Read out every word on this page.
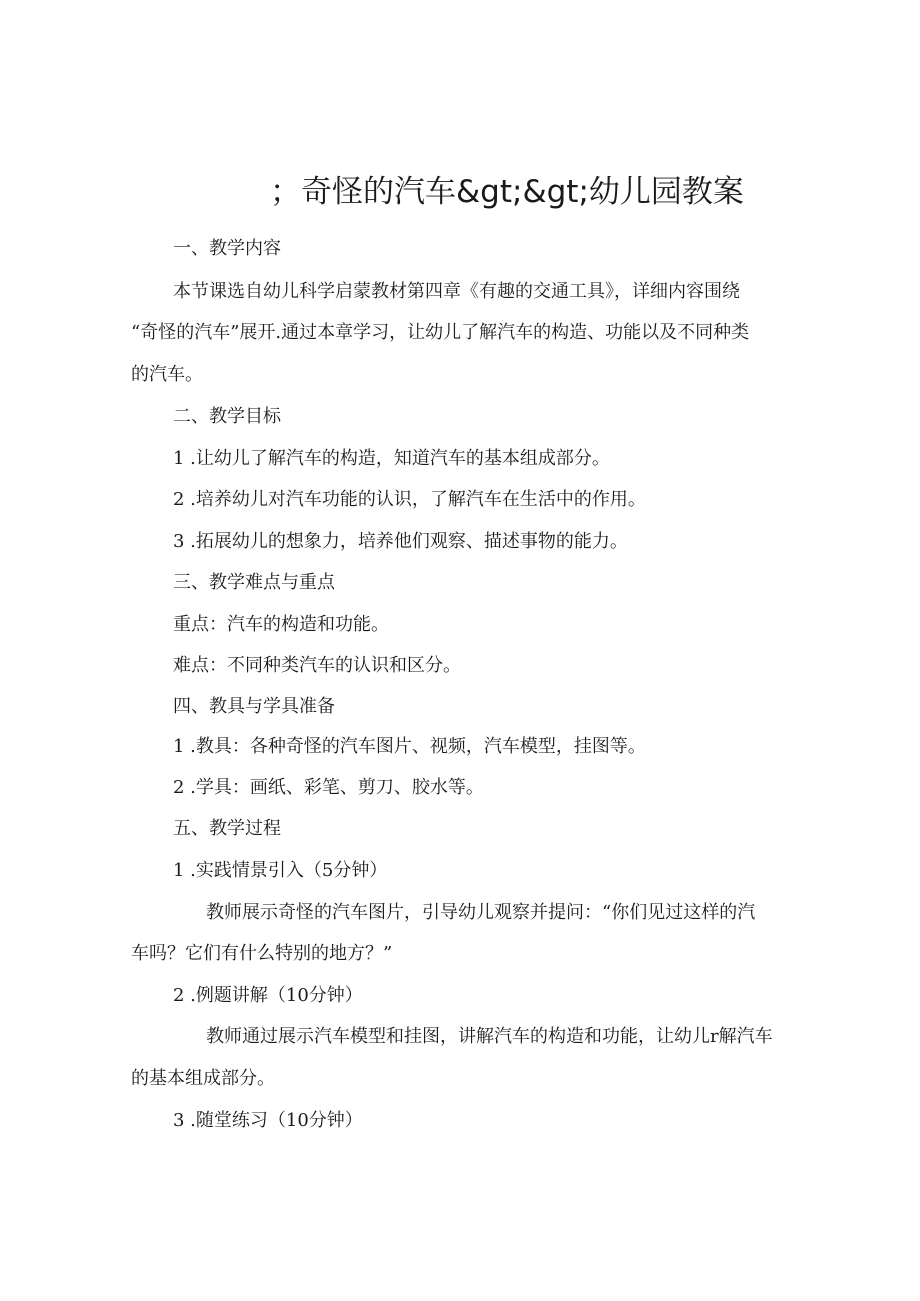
；奇怪的汽车&gt;&gt;幼儿园教案
一、教学内容
本节课选自幼儿科学启蒙教材第四章《有趣的交通工具》，详细内容围绕
“奇怪的汽车”展开.通过本章学习，让幼儿了解汽车的构造、功能以及不同种类
的汽车。
二、教学目标
1 .让幼儿了解汽车的构造，知道汽车的基本组成部分。
2 .培养幼儿对汽车功能的认识，了解汽车在生活中的作用。
3 .拓展幼儿的想象力，培养他们观察、描述事物的能力。
三、教学难点与重点
重点：汽车的构造和功能。
难点：不同种类汽车的认识和区分。
四、教具与学具准备
1 .教具：各种奇怪的汽车图片、视频，汽车模型，挂图等。
2 .学具：画纸、彩笔、剪刀、胶水等。
五、教学过程
1 .实践情景引入（5分钟）
教师展示奇怪的汽车图片，引导幼儿观察并提问：“你们见过这样的汽
车吗？它们有什么特别的地方？”
2 .例题讲解（10分钟）
教师通过展示汽车模型和挂图，讲解汽车的构造和功能，让幼儿r解汽车
的基本组成部分。
3 .随堂练习（10分钟）
